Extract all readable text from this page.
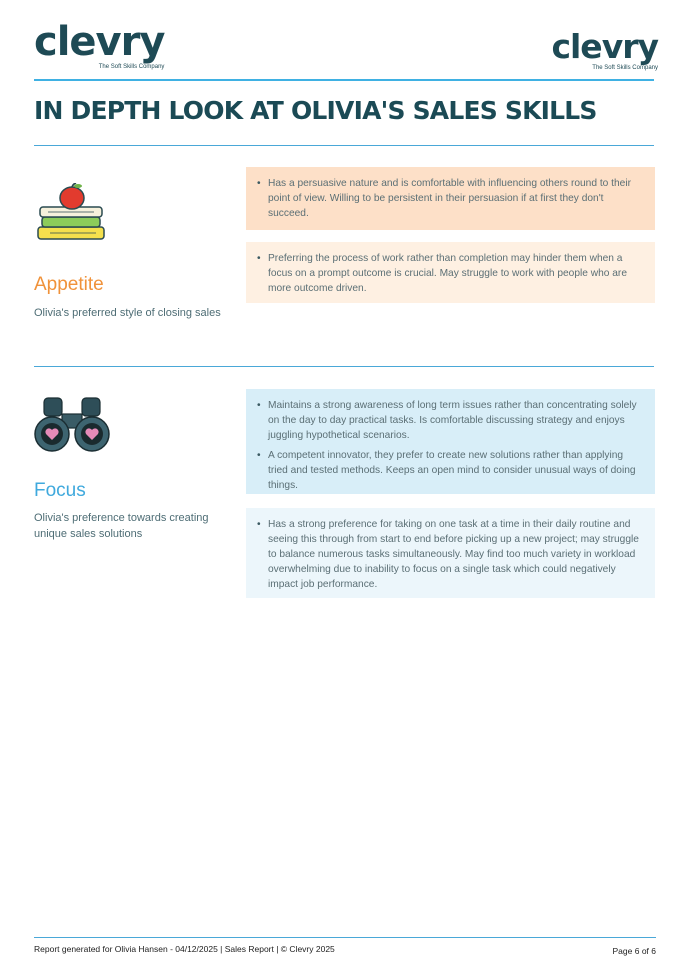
clevry
The Soft Skills Company
clevry
The Soft Skills Company
IN DEPTH LOOK AT OLIVIA'S SALES SKILLS
Appetite
Olivia's preferred style of closing sales
• Has a persuasive nature and is comfortable with influencing others round to their point of view. Willing to be persistent in their persuasion if at first they don't succeed.
• Preferring the process of work rather than completion may hinder them when a focus on a prompt outcome is crucial. May struggle to work with people who are more outcome driven.
Focus
Olivia's preference towards creating unique sales solutions
• Maintains a strong awareness of long term issues rather than concentrating solely on the day to day practical tasks. Is comfortable discussing strategy and enjoys juggling hypothetical scenarios.
• A competent innovator, they prefer to create new solutions rather than applying tried and tested methods. Keeps an open mind to consider unusual ways of doing things.
• Has a strong preference for taking on one task at a time in their daily routine and seeing this through from start to end before picking up a new project; may struggle to balance numerous tasks simultaneously. May find too much variety in workload overwhelming due to inability to focus on a single task which could negatively impact job performance.
Report generated for Olivia Hansen - 04/12/2025 | Sales Report | © Clevry 2025	Page 6 of 6
